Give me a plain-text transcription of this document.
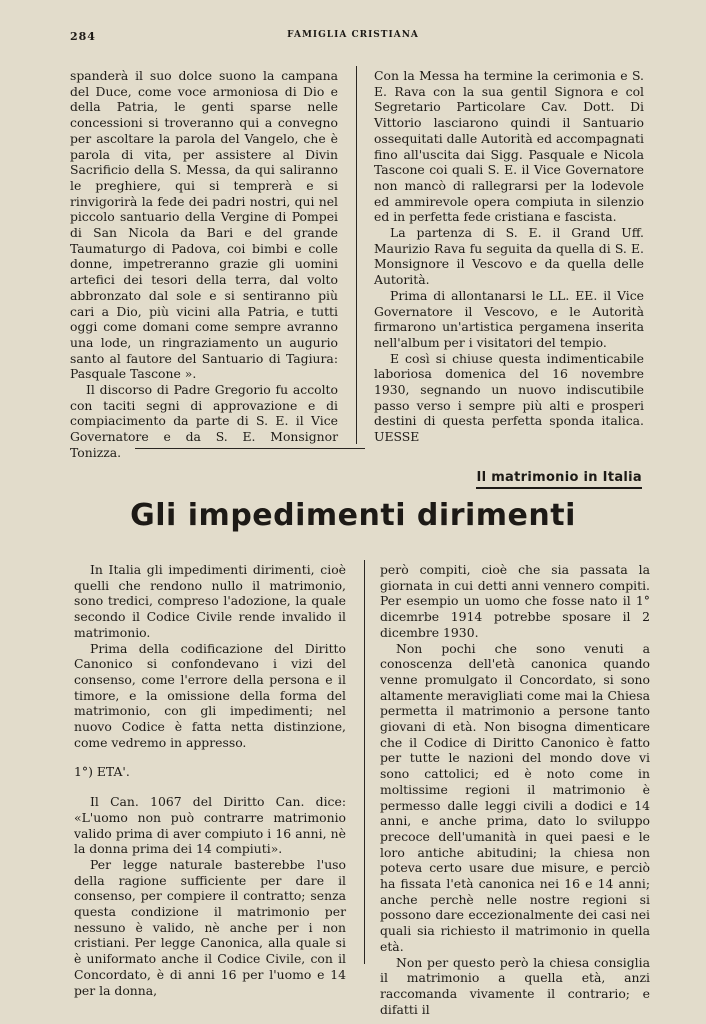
284	FAMIGLIA CRISTIANA

spanderà il suo dolce suono la campana del Duce, come voce armoniosa di Dio e della Patria, le genti sparse nelle concessioni si troveranno qui a convegno per ascoltare la parola del Vangelo, che è parola di vita, per assistere al Divin Sacrificio della S. Messa, da qui saliranno le preghiere, qui si temprerà e si rinvigorirà la fede dei padri nostri, qui nel piccolo santuario della Vergine di Pompei di San Nicola da Bari e del grande Taumaturgo di Padova, coi bimbi e colle donne, impetreranno grazie gli uomini artefici dei tesori della terra, dal volto abbronzato dal sole e si sentiranno più cari a Dio, più vicini alla Patria, e tutti oggi come domani come sempre avranno una lode, un ringraziamento un augurio santo al fautore del Santuario di Tagiura: Pasquale Tascone ».

Il discorso di Padre Gregorio fu accolto con taciti segni di approvazione e di compiacimento da parte di S. E. il Vice Governatore e da S. E. Monsignor Tonizza.

Con la Messa ha termine la cerimonia e S. E. Rava con la sua gentil Signora e col Segretario Particolare Cav. Dott. Di Vittorio lasciarono quindi il Santuario ossequitati dalle Autorità ed accompagnati fino all'uscita dai Sigg. Pasquale e Nicola Tascone coi quali S. E. il Vice Governatore non mancò di rallegrarsi per la lodevole ed ammirevole opera compiuta in silenzio ed in perfetta fede cristiana e fascista.

La partenza di S. E. il Grand Uff. Maurizio Rava fu seguita da quella di S. E. Monsignore il Vescovo e da quella delle Autorità.

Prima di allontanarsi le LL. EE. il Vice Governatore il Vescovo, e le Autorità firmarono un'artistica pergamena inserita nell'album per i visitatori del tempio.

E così si chiuse questa indimenticabile laboriosa domenica del 16 novembre 1930, segnando un nuovo indiscutibile passo verso i sempre più alti e prosperi destini di questa perfetta sponda italica. UESSE

Il matrimonio in Italia
Gli impedimenti dirimenti

In Italia gli impedimenti dirimenti, cioè quelli che rendono nullo il matrimonio, sono tredici, compreso l'adozione, la quale secondo il Codice Civile rende invalido il matrimonio.

Prima della codificazione del Diritto Canonico si confondevano i vizi del consenso, come l'errore della persona e il timore, e la omissione della forma del matrimonio, con gli impedimenti; nel nuovo Codice è fatta netta distinzione, come vedremo in appresso.

1°) ETA'.

Il Can. 1067 del Diritto Can. dice: «L'uomo non può contrarre matrimonio valido prima di aver compiuto i 16 anni, nè la donna prima dei 14 compiuti».

Per legge naturale basterebbe l'uso della ragione sufficiente per dare il consenso, per compiere il contratto; senza questa condizione il matrimonio per nessuno è valido, nè anche per i non cristiani. Per legge Canonica, alla quale si è uniformato anche il Codice Civile, con il Concordato, è di anni 16 per l'uomo e 14 per la donna,

però compiti, cioè che sia passata la giornata in cui detti anni vennero compiti. Per esempio un uomo che fosse nato il 1° dicemrbe 1914 potrebbe sposare il 2 dicembre 1930.

Non pochi che sono venuti a conoscenza dell'età canonica quando venne promulgato il Concordato, si sono altamente meravigliati come mai la Chiesa permetta il matrimonio a persone tanto giovani di età. Non bisogna dimenticare che il Codice di Diritto Canonico è fatto per tutte le nazioni del mondo dove vi sono cattolici; ed è noto come in moltissime regioni il matrimonio è permesso dalle leggi civili a dodici e 14 anni, e anche prima, dato lo sviluppo precoce dell'umanità in quei paesi e le loro antiche abitudini; la chiesa non poteva certo usare due misure, e perciò ha fissata l'età canonica nei 16 e 14 anni; anche perchè nelle nostre regioni si possono dare eccezionalmente dei casi nei quali sia richiesto il matrimonio in quella età.

Non per questo però la chiesa consiglia il matrimonio a quella età, anzi raccomanda vivamente il contrario; e difatti il
